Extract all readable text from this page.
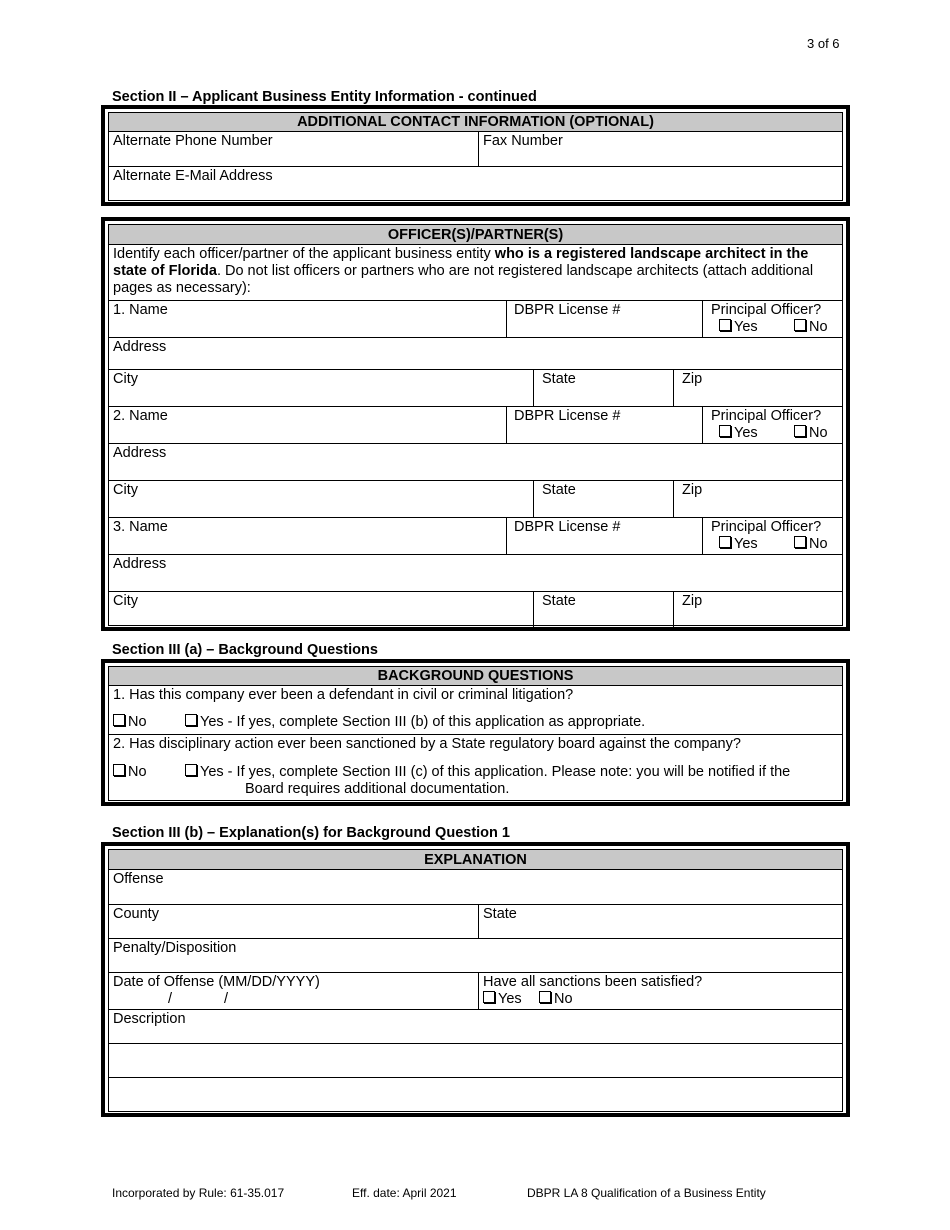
3 of 6
Section II – Applicant Business Entity Information - continued
ADDITIONAL CONTACT INFORMATION (OPTIONAL)
Alternate Phone Number	Fax Number
Alternate E-Mail Address
OFFICER(S)/PARTNER(S)
Identify each officer/partner of the applicant business entity who is a registered landscape architect in the state of Florida. Do not list officers or partners who are not registered landscape architects (attach additional pages as necessary):
1. Name	DBPR License #	Principal Officer?
Yes	No
Address
City	State	Zip
2. Name	DBPR License #	Principal Officer?
Yes	No
Address
City	State	Zip
3. Name	DBPR License #	Principal Officer?
Yes	No
Address
City	State	Zip
Section III (a) – Background Questions
BACKGROUND QUESTIONS
1. Has this company ever been a defendant in civil or criminal litigation?
No	Yes - If yes, complete Section III (b) of this application as appropriate.
2. Has disciplinary action ever been sanctioned by a State regulatory board against the company?
No	Yes - If yes, complete Section III (c) of this application. Please note: you will be notified if the
Board requires additional documentation.
Section III (b) – Explanation(s) for Background Question 1
EXPLANATION
Offense
County	State
Penalty/Disposition
Date of Offense (MM/DD/YYYY)
/	/
Have all sanctions been satisfied?
Yes No
Description
Incorporated by Rule: 61-35.017	Eff. date: April 2021	DBPR LA 8 Qualification of a Business Entity
